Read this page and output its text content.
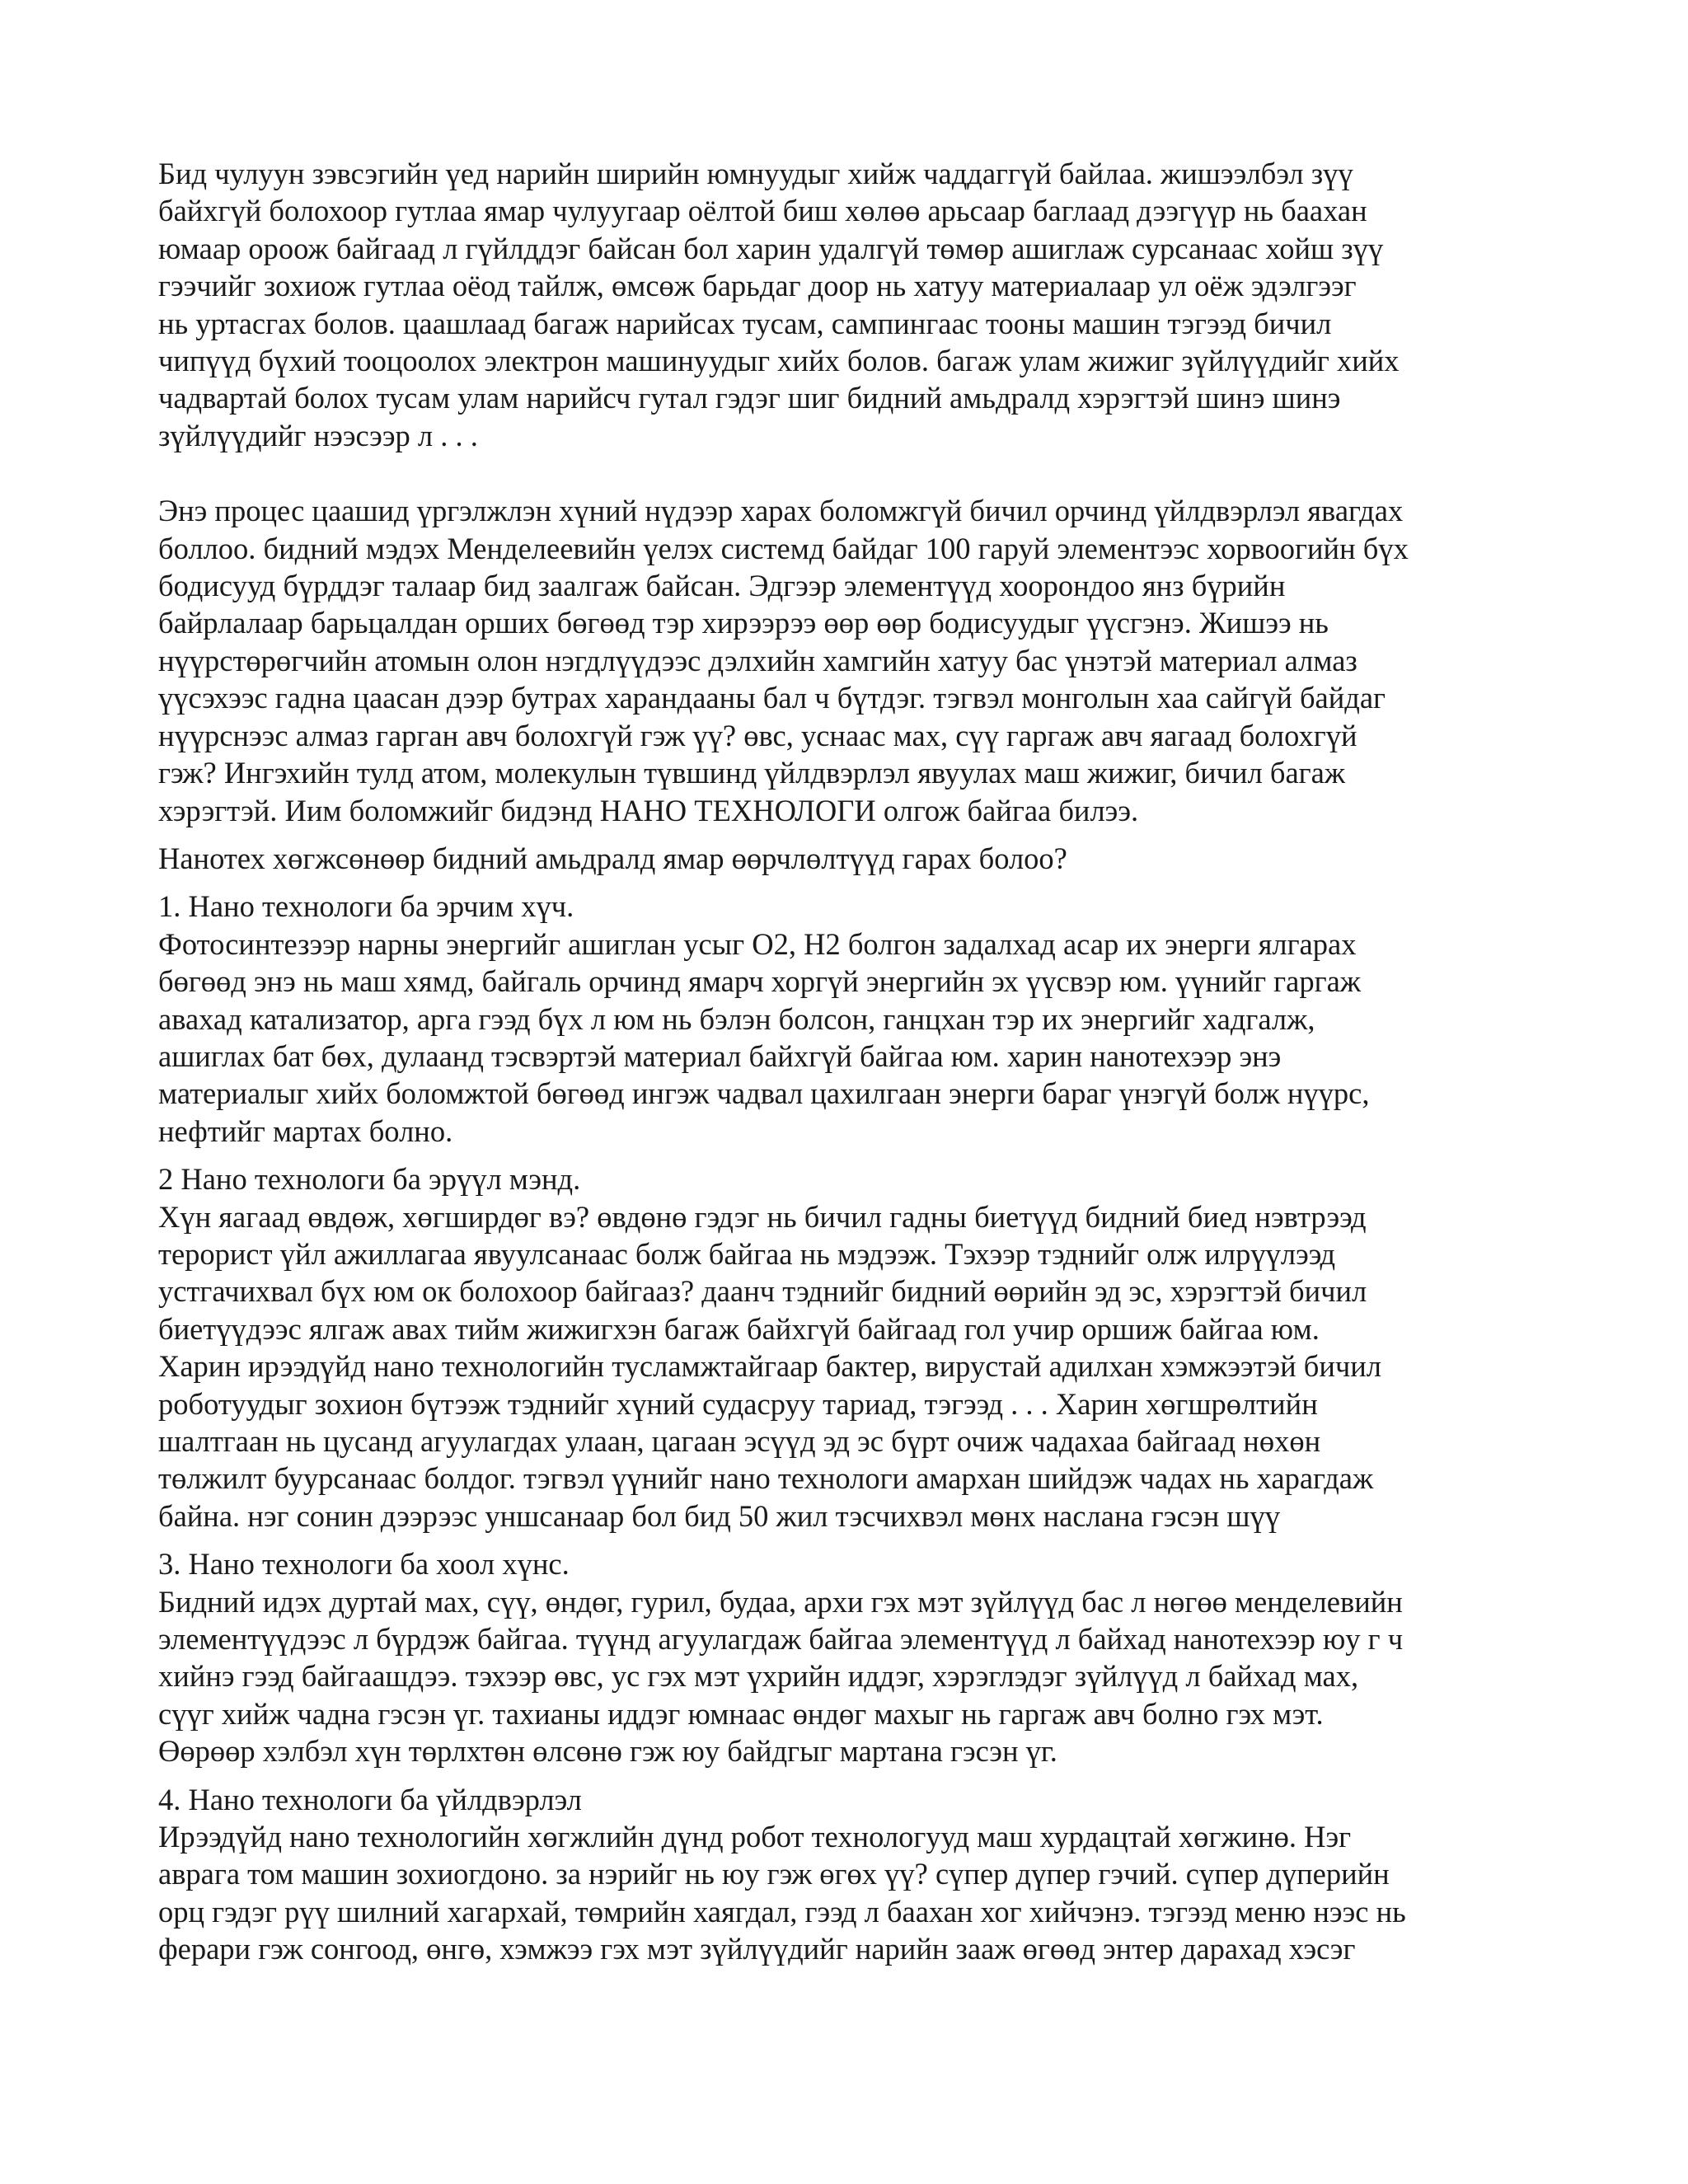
Бид чулуун зэвсэгийн үед нарийн ширийн юмнуудыг хийж чаддаггүй байлаа. жишээлбэл зүү
байхгүй болохоор гутлаа ямар чулуугаар оёлтой биш хөлөө арьсаар баглаад дээгүүр нь баахан
юмаар ороож байгаад л гүйлддэг байсан бол харин удалгүй төмөр ашиглаж сурсанаас хойш зүү
гээчийг зохиож гутлаа оёод тайлж, өмсөж барьдаг доор нь хатуу материалаар ул оёж эдэлгээг
нь уртасгах болов. цаашлаад багаж нарийсах тусам, сампингаас тооны машин тэгээд бичил
чипүүд бүхий тооцоолох электрон машинуудыг хийх болов. багаж улам жижиг зүйлүүдийг хийх
чадвартай болох тусам улам нарийсч гутал гэдэг шиг бидний амьдралд хэрэгтэй шинэ шинэ
зүйлүүдийг нээсээр л . . .
Энэ процес цаашид үргэлжлэн хүний нүдээр харах боломжгүй бичил орчинд үйлдвэрлэл явагдах
боллоо. бидний мэдэх Менделеевийн үелэх системд байдаг 100 гаруй элементээс хорвоогийн бүх
бодисууд бүрддэг талаар бид заалгаж байсан. Эдгээр элементүүд хоорондоо янз бүрийн
байрлалаар барьцалдан орших бөгөөд тэр хирээрээ өөр өөр бодисуудыг үүсгэнэ. Жишээ нь
нүүрстөрөгчийн атомын олон нэгдлүүдээс дэлхийн хамгийн хатуу бас үнэтэй материал алмаз
үүсэхээс гадна цаасан дээр бутрах харандааны бал ч бүтдэг. тэгвэл монголын хаа сайгүй байдаг
нүүрснээс алмаз гарган авч болохгүй гэж үү? өвс, уснаас мах, сүү гаргаж авч яагаад болохгүй
гэж? Ингэхийн тулд атом, молекулын түвшинд үйлдвэрлэл явуулах маш жижиг, бичил багаж
хэрэгтэй. Иим боломжийг бидэнд НАНО ТЕХНОЛОГИ олгож байгаа билээ.
Нанотех хөгжсөнөөр бидний амьдралд ямар өөрчлөлтүүд гарах болоо?
1. Нано технологи ба эрчим хүч.
Фотосинтезээр нарны энергийг ашиглан усыг O2, H2 болгон задалхад асар их энерги ялгарах
бөгөөд энэ нь маш хямд, байгаль орчинд ямарч хоргүй энергийн эх үүсвэр юм. үүнийг гаргаж
авахад катализатор, арга гээд бүх л юм нь бэлэн болсон, ганцхан тэр их энергийг хадгалж,
ашиглах бат бөх, дулаанд тэсвэртэй материал байхгүй байгаа юм. харин нанотехээр энэ
материалыг хийх боломжтой бөгөөд ингэж чадвал цахилгаан энерги бараг үнэгүй болж нүүрс,
нефтийг мартах болно.
2 Нано технологи ба эрүүл мэнд.
Хүн яагаад өвдөж, хөгширдөг вэ? өвдөнө гэдэг нь бичил гадны биетүүд бидний биед нэвтрээд
терорист үйл ажиллагаа явуулсанаас болж байгаа нь мэдээж. Тэхээр тэднийг олж илрүүлээд
устгачихвал бүх юм ок болохоор байгааз? даанч тэднийг бидний өөрийн эд эс, хэрэгтэй бичил
биетүүдээс ялгаж авах тийм жижигхэн багаж байхгүй байгаад гол учир оршиж байгаа юм.
Харин ирээдүйд нано технологийн тусламжтайгаар бактер, вирустай адилхан хэмжээтэй бичил
роботуудыг зохион бүтээж тэднийг хүний судасруу тариад, тэгээд . . . Харин хөгшрөлтийн
шалтгаан нь цусанд агуулагдах улаан, цагаан эсүүд эд эс бүрт очиж чадахаа байгаад нөхөн
төлжилт буурсанаас болдог. тэгвэл үүнийг нано технологи амархан шийдэж чадах нь харагдаж
байна. нэг сонин дээрээс уншсанаар бол бид 50 жил тэсчихвэл мөнх наслана гэсэн шүү
3. Нано технологи ба хоол хүнс.
Бидний идэх дуртай мах, сүү, өндөг, гурил, будаа, архи гэх мэт зүйлүүд бас л нөгөө менделевийн
элементүүдээс л бүрдэж байгаа. түүнд агуулагдаж байгаа элементүүд л байхад нанотехээр юу г ч
хийнэ гээд байгаашдээ. тэхээр өвс, ус гэх мэт үхрийн иддэг, хэрэглэдэг зүйлүүд л байхад мах,
сүүг хийж чадна гэсэн үг. тахианы иддэг юмнаас өндөг махыг нь гаргаж авч болно гэх мэт.
Өөрөөр хэлбэл хүн төрлхтөн өлсөнө гэж юу байдгыг мартана гэсэн үг.
4. Нано технологи ба үйлдвэрлэл
Ирээдүйд нано технологийн хөгжлийн дүнд робот технологууд маш хурдацтай хөгжинө. Нэг
аврага том машин зохиогдоно. за нэрийг нь юу гэж өгөх үү? сүпер дүпер гэчий. сүпер дүперийн
орц гэдэг рүү шилний хагархай, төмрийн хаягдал, гээд л баахан хог хийчэнэ. тэгээд меню нээс нь
ферари гэж сонгоод, өнгө, хэмжээ гэх мэт зүйлүүдийг нарийн зааж өгөөд энтер дарахад хэсэг
